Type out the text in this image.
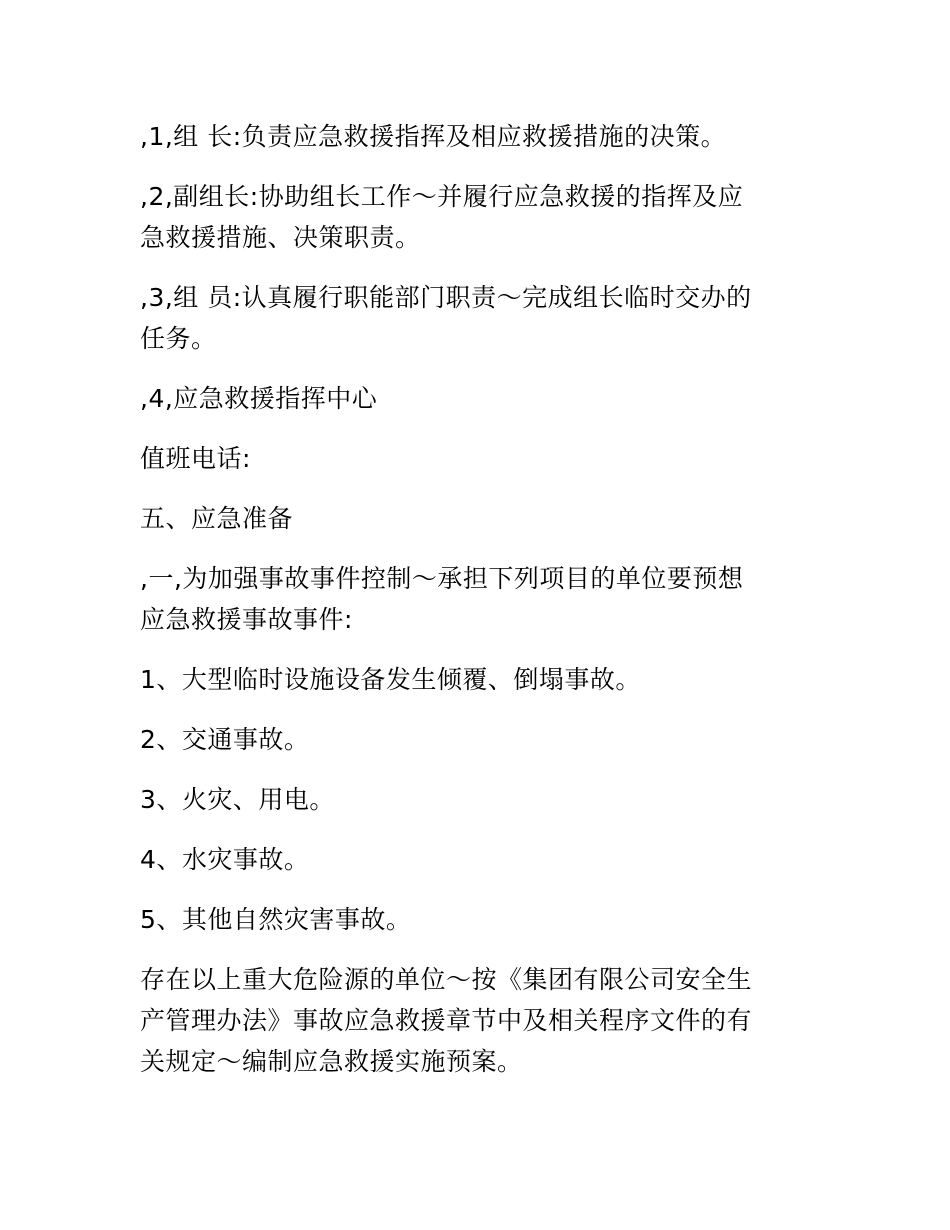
,1,组 长:负责应急救援指挥及相应救援措施的决策。

,2,副组长:协助组长工作～并履行应急救援的指挥及应
急救援措施、决策职责。

,3,组 员:认真履行职能部门职责～完成组长临时交办的
任务。

,4,应急救援指挥中心

值班电话:

五、应急准备

,一,为加强事故事件控制～承担下列项目的单位要预想
应急救援事故事件:

1、大型临时设施设备发生倾覆、倒塌事故。

2、交通事故。

3、火灾、用电。

4、水灾事故。

5、其他自然灾害事故。

存在以上重大危险源的单位～按《集团有限公司安全生
产管理办法》事故应急救援章节中及相关程序文件的有
关规定～编制应急救援实施预案。
